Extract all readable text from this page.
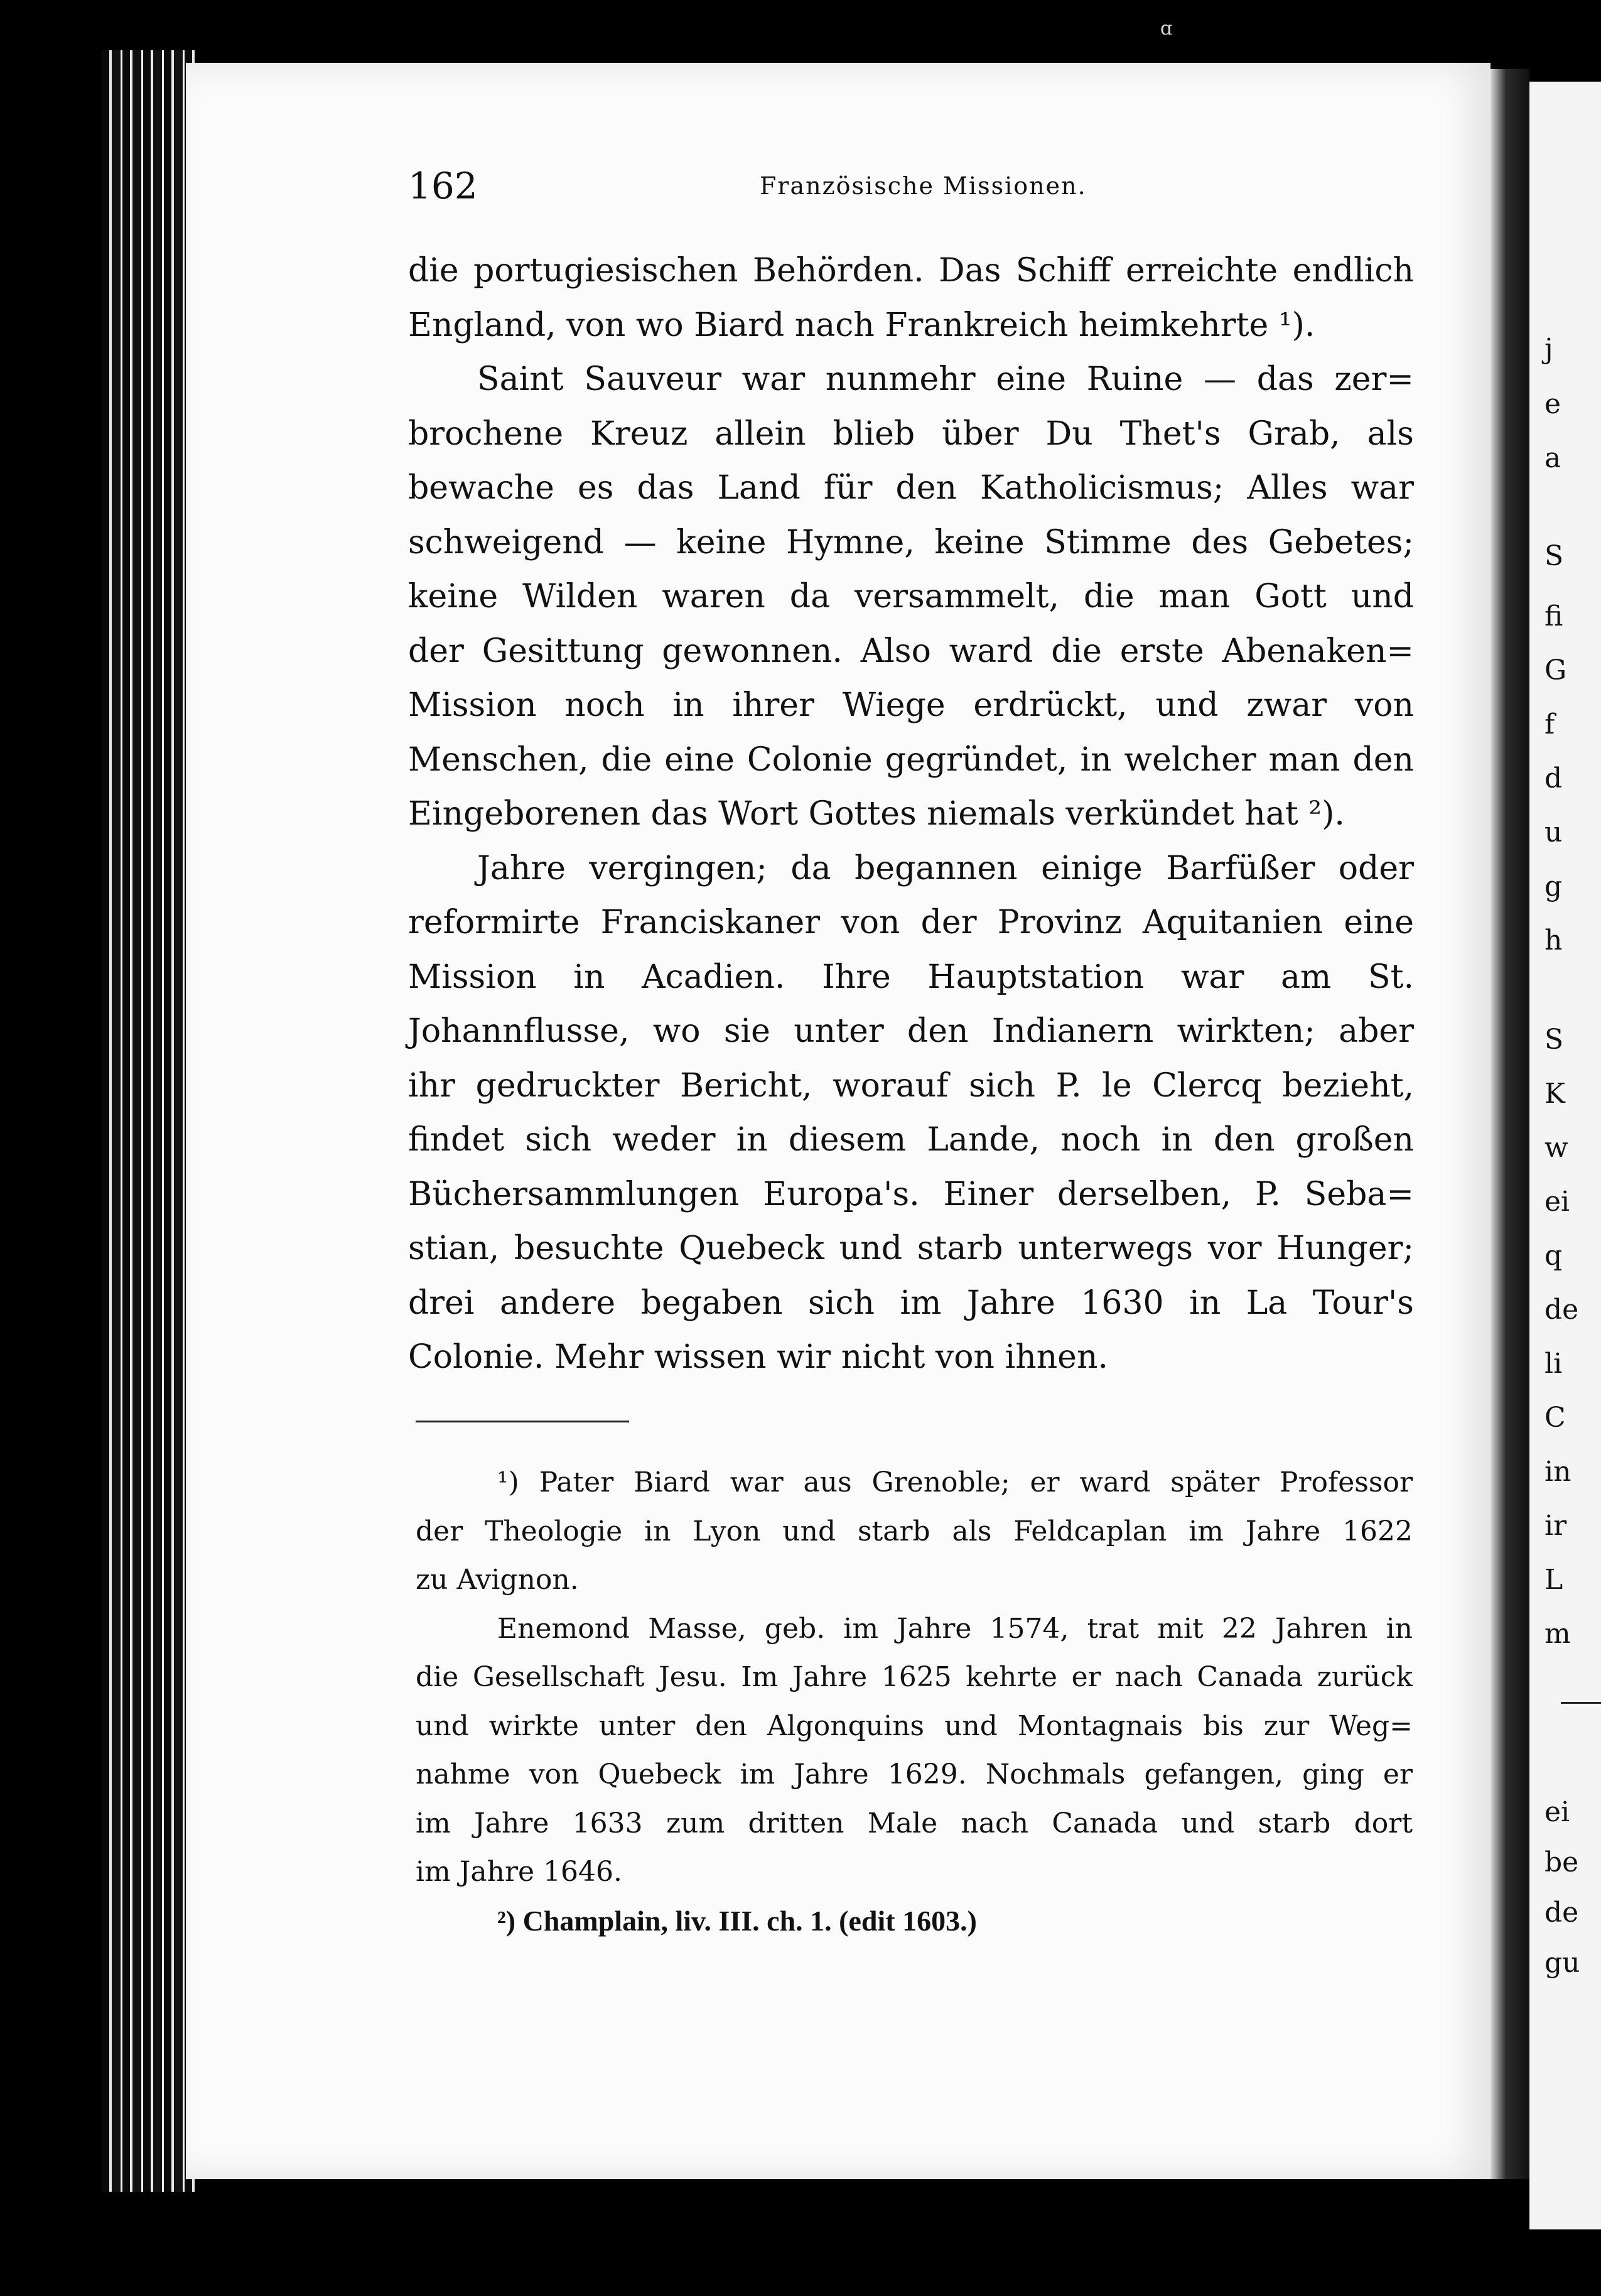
ɑ
162	Französische Missionen.
die portugiesischen Behörden. Das Schiff erreichte endlich
England, von wo Biard nach Frankreich heimkehrte ¹).
Saint Sauveur war nunmehr eine Ruine — das zer=
brochene Kreuz allein blieb über Du Thet's Grab, als
bewache es das Land für den Katholicismus; Alles war
schweigend — keine Hymne, keine Stimme des Gebetes;
keine Wilden waren da versammelt, die man Gott und
der Gesittung gewonnen. Also ward die erste Abenaken=
Mission noch in ihrer Wiege erdrückt, und zwar von
Menschen, die eine Colonie gegründet, in welcher man den
Eingeborenen das Wort Gottes niemals verkündet hat ²).
Jahre vergingen; da begannen einige Barfüßer oder
reformirte Franciskaner von der Provinz Aquitanien eine
Mission in Acadien. Ihre Hauptstation war am St.
Johannflusse, wo sie unter den Indianern wirkten; aber
ihr gedruckter Bericht, worauf sich P. le Clercq bezieht,
findet sich weder in diesem Lande, noch in den großen
Büchersammlungen Europa's. Einer derselben, P. Seba=
stian, besuchte Quebeck und starb unterwegs vor Hunger;
drei andere begaben sich im Jahre 1630 in La Tour's
Colonie. Mehr wissen wir nicht von ihnen.
¹) Pater Biard war aus Grenoble; er ward später Professor
der Theologie in Lyon und starb als Feldcaplan im Jahre 1622
zu Avignon.
Enemond Masse, geb. im Jahre 1574, trat mit 22 Jahren in
die Gesellschaft Jesu. Im Jahre 1625 kehrte er nach Canada zurück
und wirkte unter den Algonquins und Montagnais bis zur Weg=
nahme von Quebeck im Jahre 1629. Nochmals gefangen, ging er
im Jahre 1633 zum dritten Male nach Canada und starb dort
im Jahre 1646.
²) Champlain, liv. III. ch. 1. (edit 1603.)
j
e
a
S
fi
G
f
d
u
g
h
S
K
w
ei
q
de
li
C
in
ir
L
m
ei
be
de
gu
